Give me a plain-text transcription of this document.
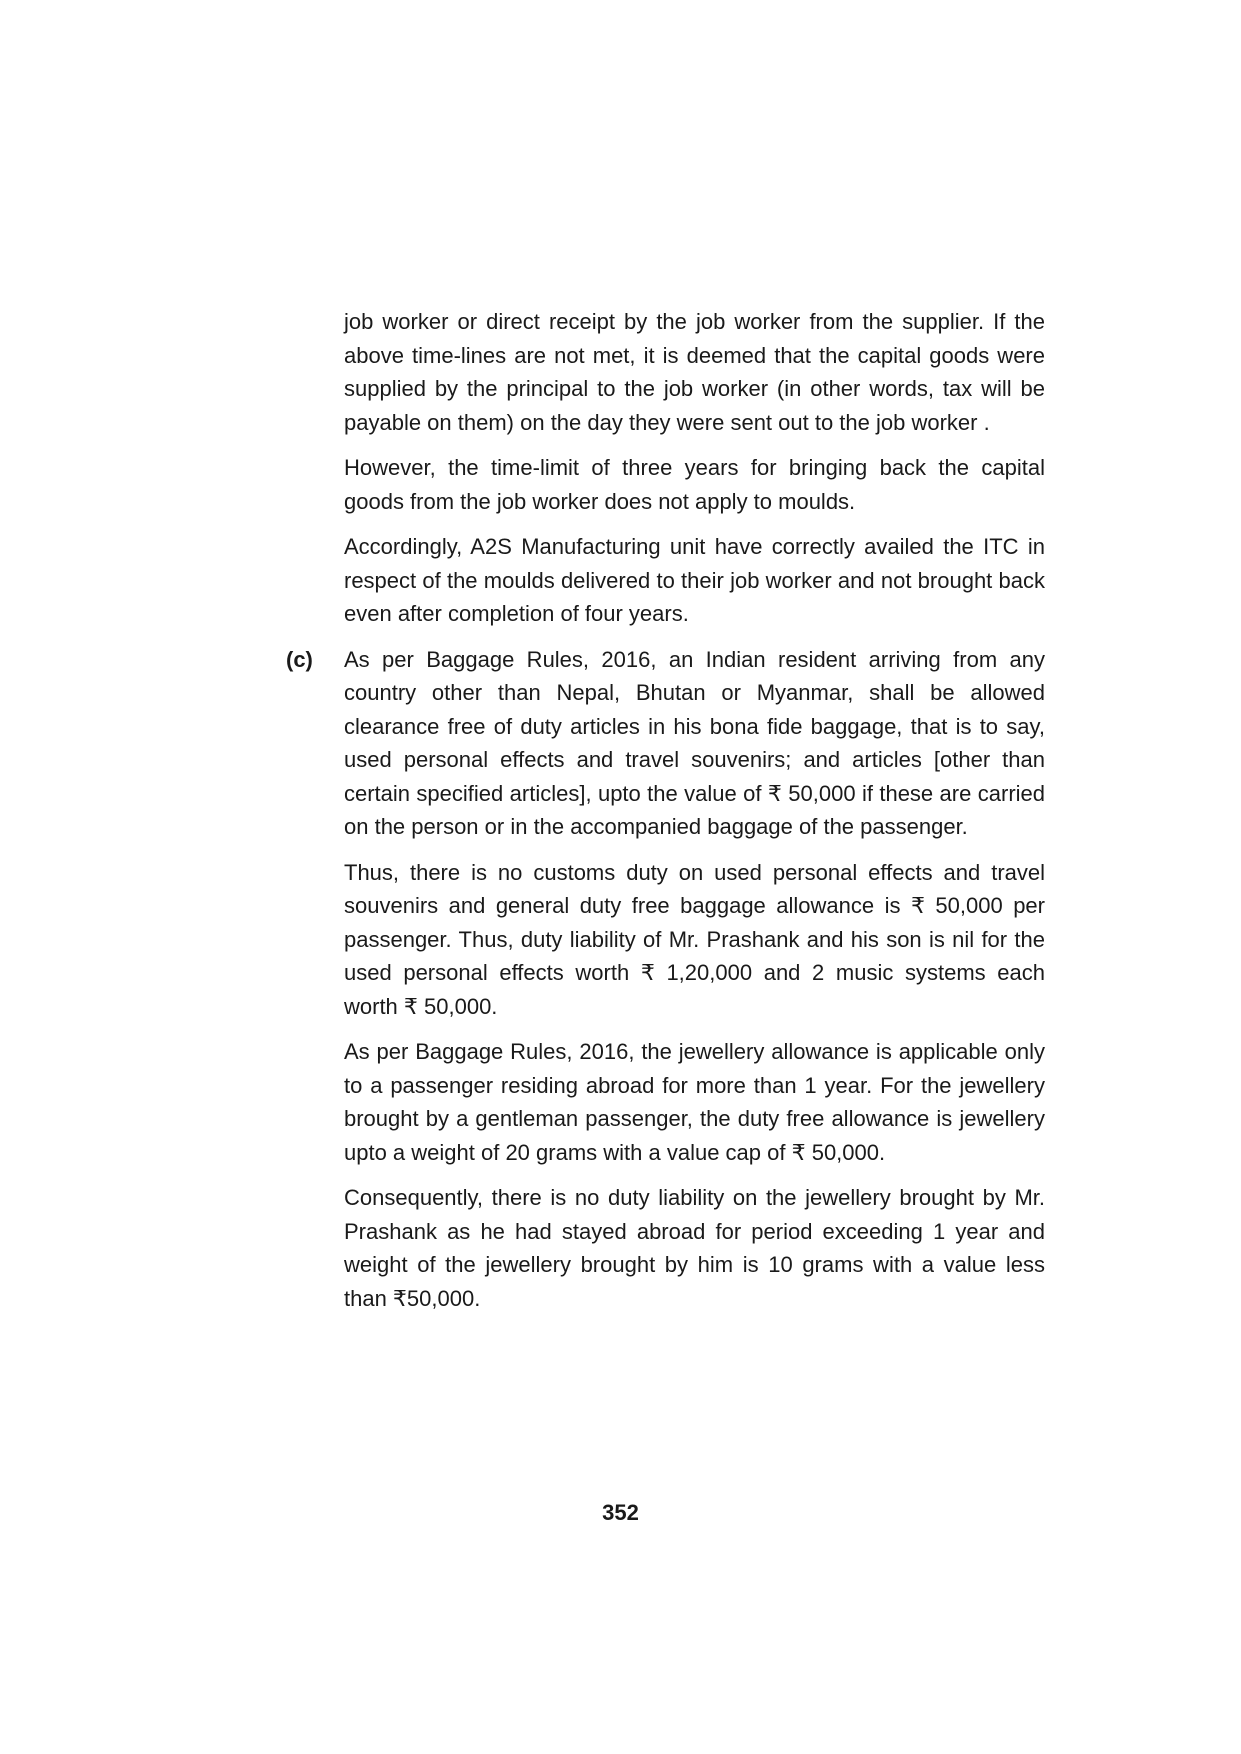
job worker or direct receipt by the job worker from the supplier. If the above time-lines are not met, it is deemed that the capital goods were supplied by the principal to the job worker (in other words, tax will be payable on them) on the day they were sent out to the job worker .

However, the time-limit of three years for bringing back the capital goods from the job worker does not apply to moulds.

Accordingly, A2S Manufacturing unit have correctly availed the ITC in respect of the moulds delivered to their job worker and not brought back even after completion of four years.

(c) As per Baggage Rules, 2016, an Indian resident arriving from any country other than Nepal, Bhutan or Myanmar, shall be allowed clearance free of duty articles in his bona fide baggage, that is to say, used personal effects and travel souvenirs; and articles [other than certain specified articles], upto the value of ₹ 50,000 if these are carried on the person or in the accompanied baggage of the passenger.

Thus, there is no customs duty on used personal effects and travel souvenirs and general duty free baggage allowance is ₹ 50,000 per passenger. Thus, duty liability of Mr. Prashank and his son is nil for the used personal effects worth ₹ 1,20,000 and 2 music systems each worth ₹ 50,000.

As per Baggage Rules, 2016, the jewellery allowance is applicable only to a passenger residing abroad for more than 1 year. For the jewellery brought by a gentleman passenger, the duty free allowance is jewellery upto a weight of 20 grams with a value cap of ₹ 50,000.

Consequently, there is no duty liability on the jewellery brought by Mr. Prashank as he had stayed abroad for period exceeding 1 year and weight of the jewellery brought by him is 10 grams with a value less than ₹50,000.

352
